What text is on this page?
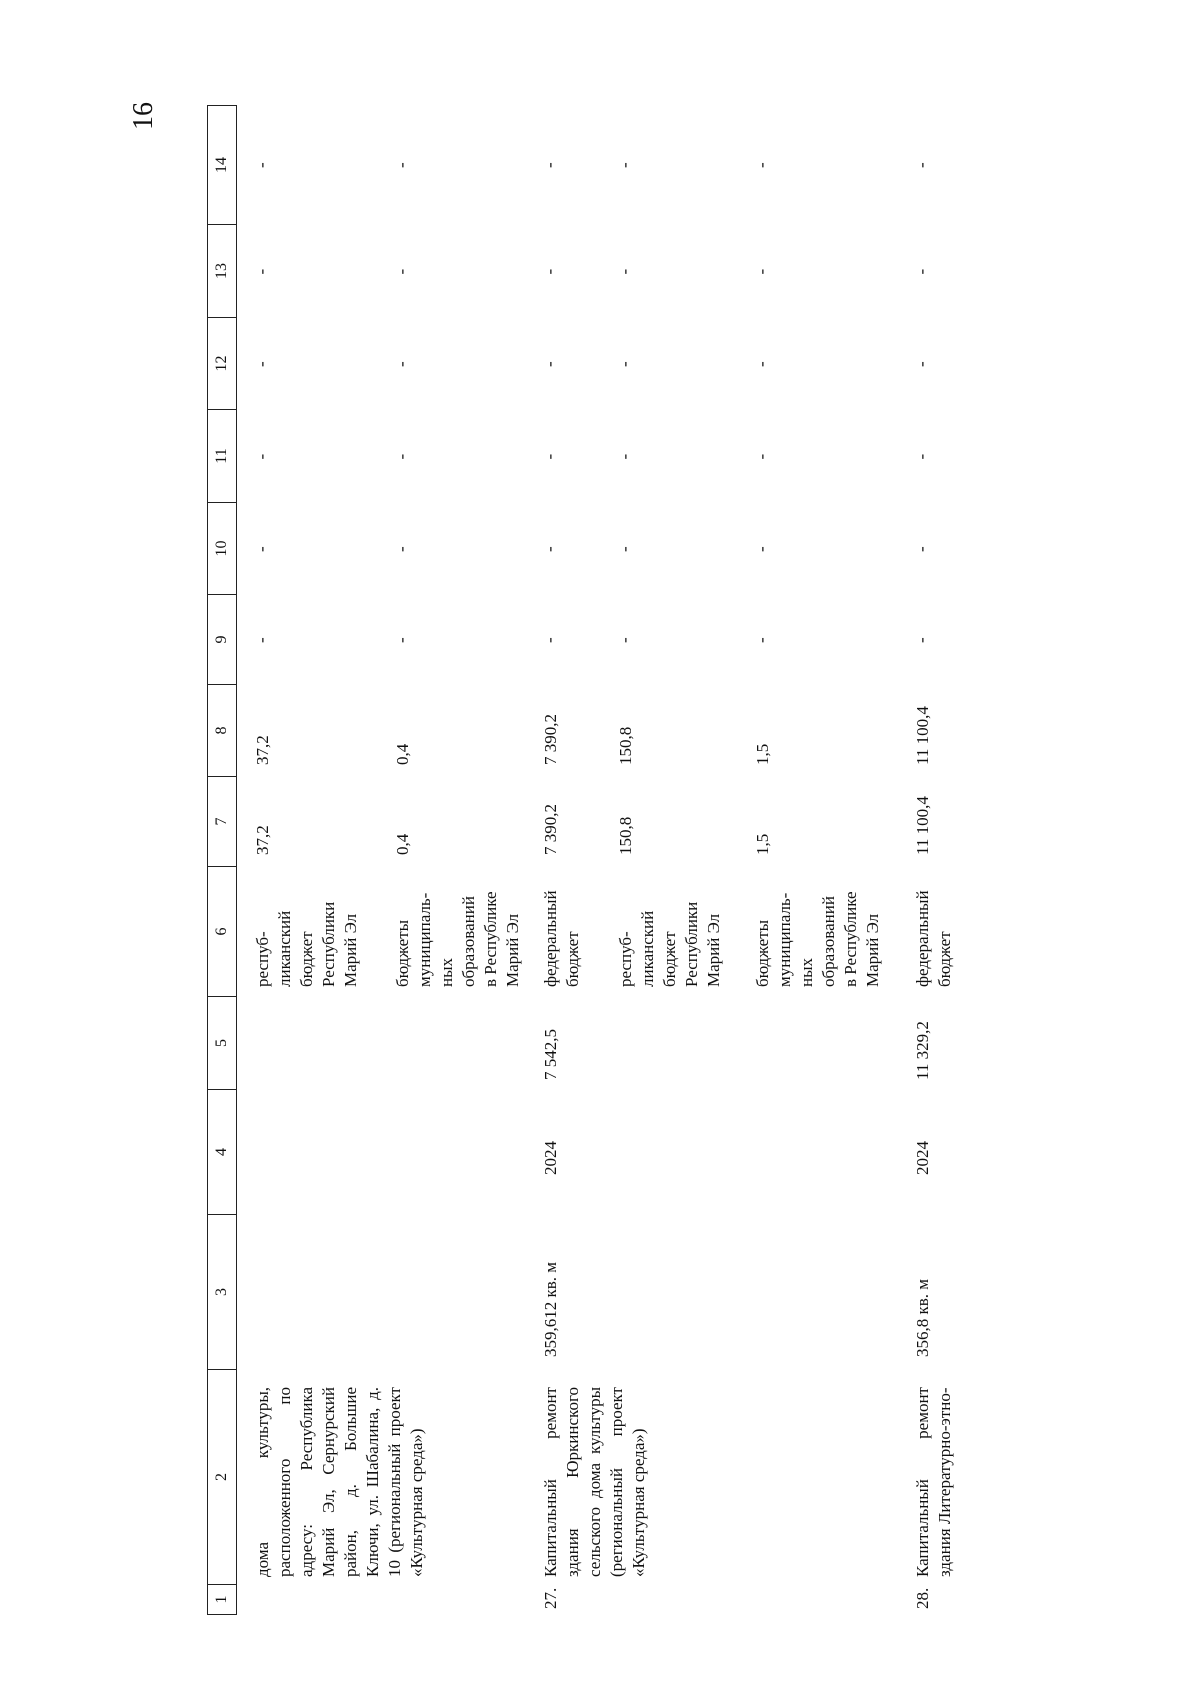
16
1
2
3
4
5
6
7
8
9
10
11
12
13
14
дома культуры, расположенного по адресу: Республика Марий Эл, Сернурский район, д. Большие Ключи, ул. Шабалина, д. 10 (региональный проект «Культурная среда»)
респуб-
ликанский
бюджет
Республики
Марий Эл
37,2
37,2
-
-
-
-
-
-
бюджеты
муниципаль-
ных
образований
в Республике
Марий Эл
0,4
0,4
-
-
-
-
-
-
27.
Капитальный ремонт здания Юркинского сельского дома культуры (региональный проект «Культурная среда»)
359,612 кв. м
2024
7 542,5
федеральный
бюджет
7 390,2
7 390,2
-
-
-
-
-
-
респуб-
ликанский
бюджет
Республики
Марий Эл
150,8
150,8
-
-
-
-
-
-
бюджеты
муниципаль-
ных
образований
в Республике
Марий Эл
1,5
1,5
-
-
-
-
-
-
28.
Капитальный ремонт здания Литературно-этно-
356,8 кв. м
2024
11 329,2
федеральный
бюджет
11 100,4
11 100,4
-
-
-
-
-
-
